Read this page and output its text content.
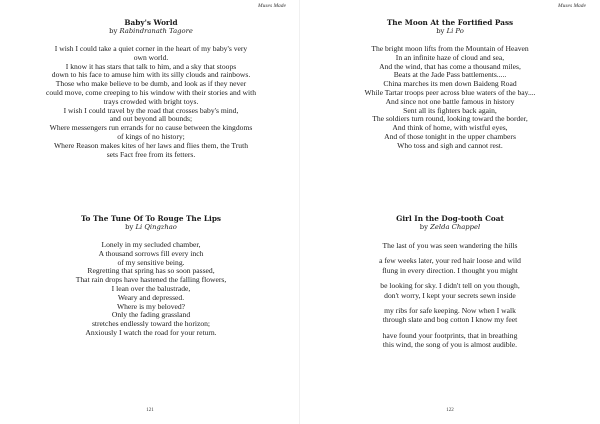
Muses Made
Baby's World
by Rabindranath Tagore
I wish I could take a quiet corner in the heart of my baby's very
own world.
I know it has stars that talk to him, and a sky that stoops
down to his face to amuse him with its silly clouds and rainbows.
Those who make believe to be dumb, and look as if they never
could move, come creeping to his window with their stories and with
trays crowded with bright toys.
I wish I could travel by the road that crosses baby's mind,
and out beyond all bounds;
Where messengers run errands for no cause between the kingdoms
of kings of no history;
Where Reason makes kites of her laws and flies them, the Truth
sets Fact free from its fetters.
To The Tune Of To Rouge The Lips
by Li Qingzhao
Lonely in my secluded chamber,
A thousand sorrows fill every inch
of my sensitive being.
Regretting that spring has so soon passed,
That rain drops have hastened the falling flowers,
I lean over the balustrade,
Weary and depressed.
Where is my beloved?
Only the fading grassland
stretches endlessly toward the horizon;
Anxiously I watch the road for your return.
121
Muses Made
The Moon At the Fortified Pass
by Li Po
The bright moon lifts from the Mountain of Heaven
In an infinite haze of cloud and sea,
And the wind, that has come a thousand miles,
Beats at the Jade Pass battlements.....
China marches its men down Baideng Road
While Tartar troops peer across blue waters of the bay....
And since not one battle famous in history
Sent all its fighters back again,
The soldiers turn round, looking toward the border,
And think of home, with wistful eyes,
And of those tonight in the upper chambers
Who toss and sigh and cannot rest.
Girl In the Dog-tooth Coat
by Zelda Chappel
The last of you was seen wandering the hills
a few weeks later, your red hair loose and wild
flung in every direction. I thought you might
be looking for sky. I didn't tell on you though,
don't worry, I kept your secrets sewn inside
my ribs for safe keeping. Now when I walk
through slate and bog cotton I know my feet
have found your footprints, that in breathing
this wind, the song of you is almost audible.
122
